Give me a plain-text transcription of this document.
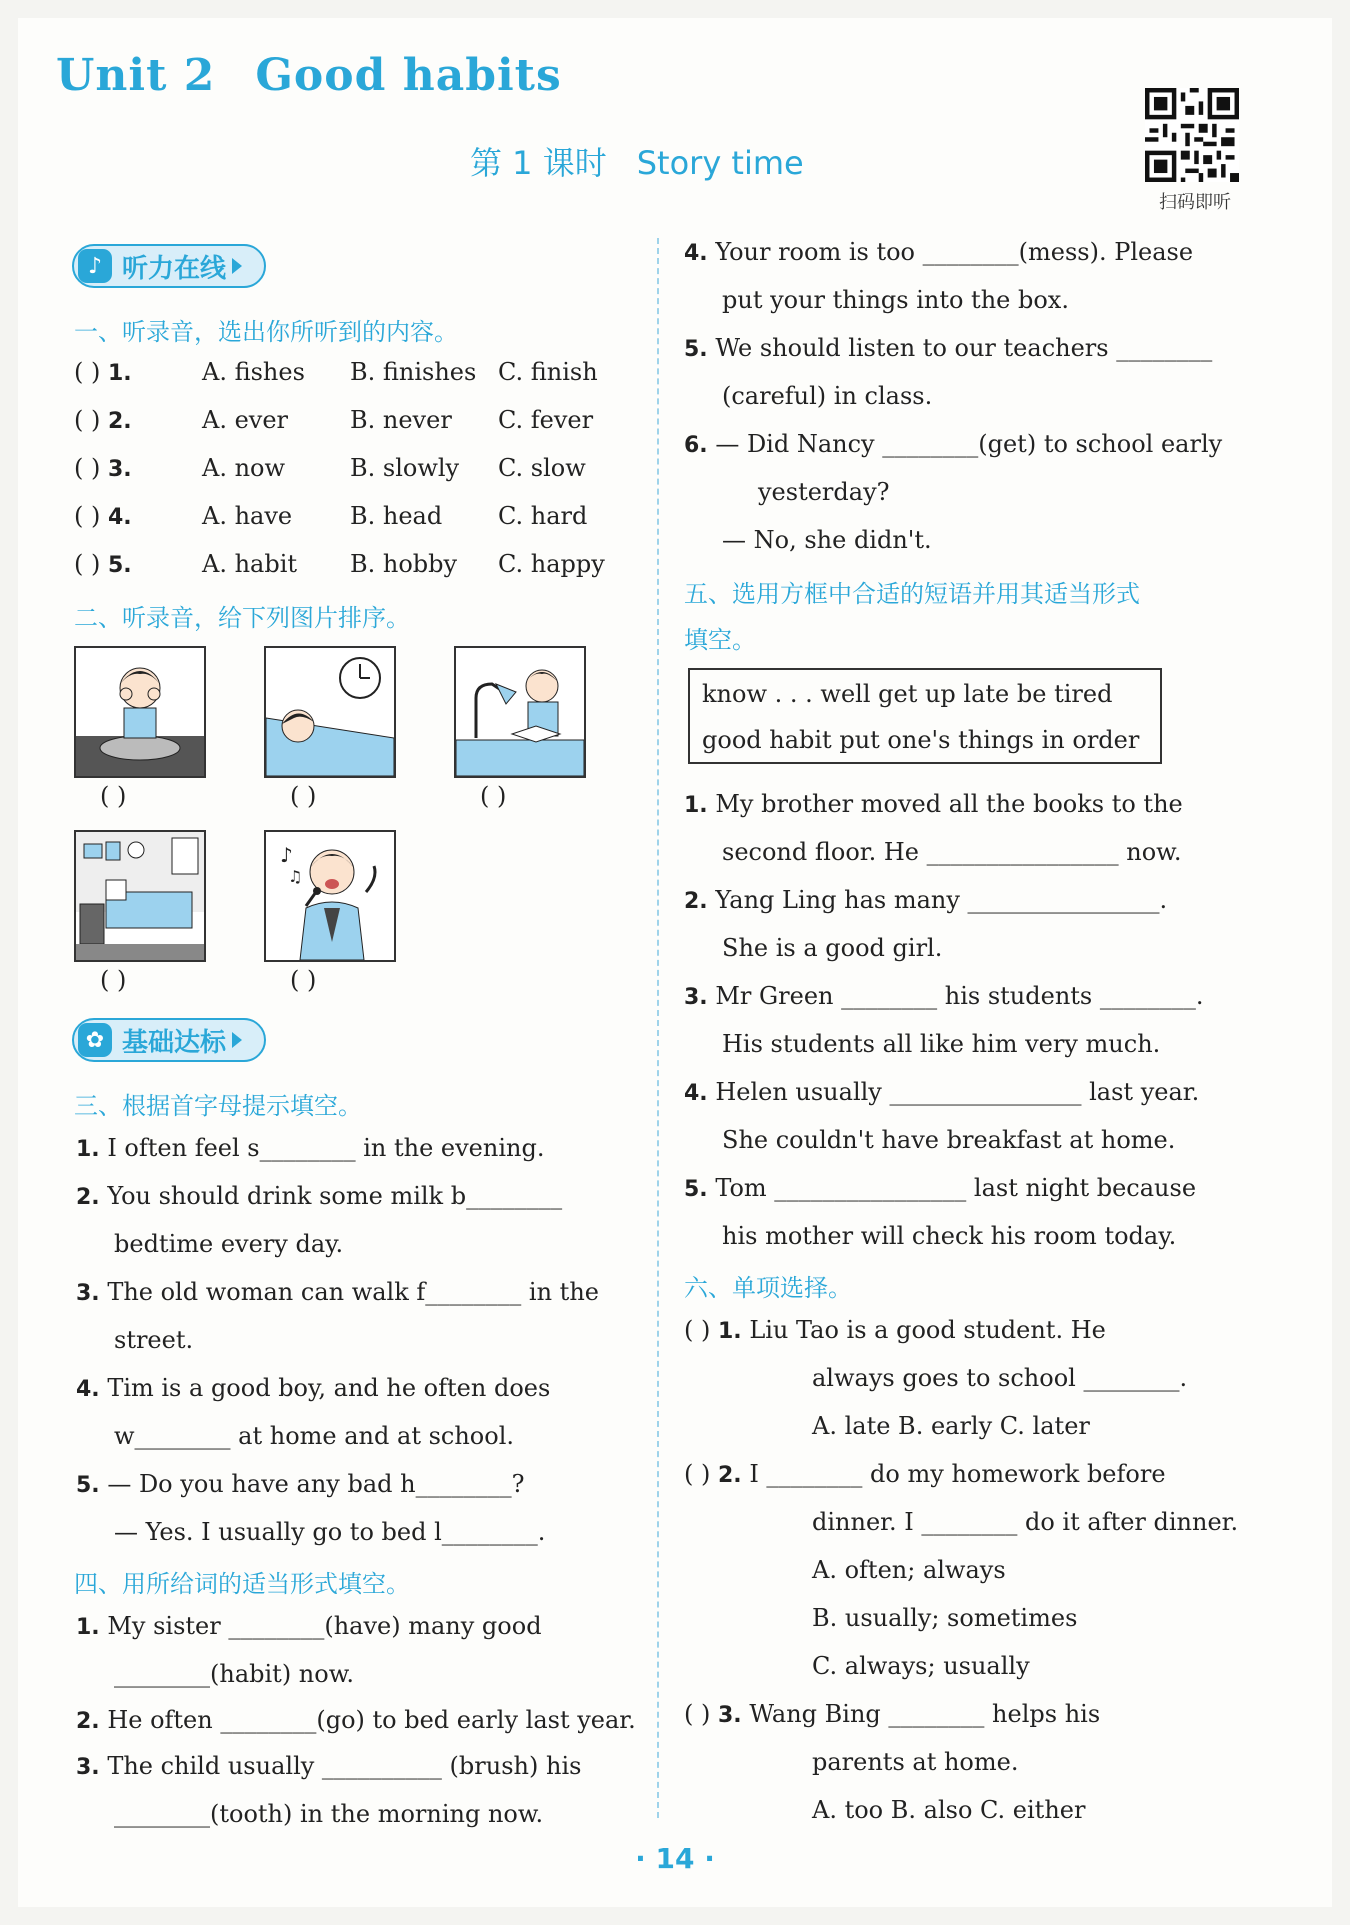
Unit 2 Good habits
第 1 课时 Story time
扫码即听
♪ 听力在线
一、听录音，选出你所听到的内容。
( ) 1.	A. fishes B. finishes C. finish
( ) 2.	A. ever	B. never C. fever
( ) 3.	A. now	B. slowly C. slow
( ) 4.	A. have B. head C. hard
( ) 5.	A. habit B. hobby C. happy
二、听录音，给下列图片排序。
♪
♫
( )	( )	( )
( )	( )
✿ 基础达标
三、根据首字母提示填空。
1. I often feel s________ in the evening.
2. You should drink some milk b________
bedtime every day.
3. The old woman can walk f________ in the
street.
4. Tim is a good boy, and he often does
w________ at home and at school.
5. — Do you have any bad h________?
— Yes. I usually go to bed l________.
四、用所给词的适当形式填空。
1. My sister ________(have) many good
________(habit) now.
2. He often ________(go) to bed early last year.
3. The child usually __________ (brush) his
________(tooth) in the morning now.
4. Your room is too ________(mess). Please
put your things into the box.
5. We should listen to our teachers ________
(careful) in class.
6. — Did Nancy ________(get) to school early
yesterday?
— No, she didn't.
五、选用方框中合适的短语并用其适当形式
填空。
know . . . well get up late be tired
good habit put one's things in order
1. My brother moved all the books to the
second floor. He ________________ now.
2. Yang Ling has many ________________.
She is a good girl.
3. Mr Green ________ his students ________.
His students all like him very much.
4. Helen usually ________________ last year.
She couldn't have breakfast at home.
5. Tom ________________ last night because
his mother will check his room today.
六、单项选择。
( ) 1. Liu Tao is a good student. He
always goes to school ________.
A. late B. early C. later
( ) 2. I ________ do my homework before
dinner. I ________ do it after dinner.
A. often; always
B. usually; sometimes
C. always; usually
( ) 3. Wang Bing ________ helps his
parents at home.
A. too B. also C. either
· 14 ·
